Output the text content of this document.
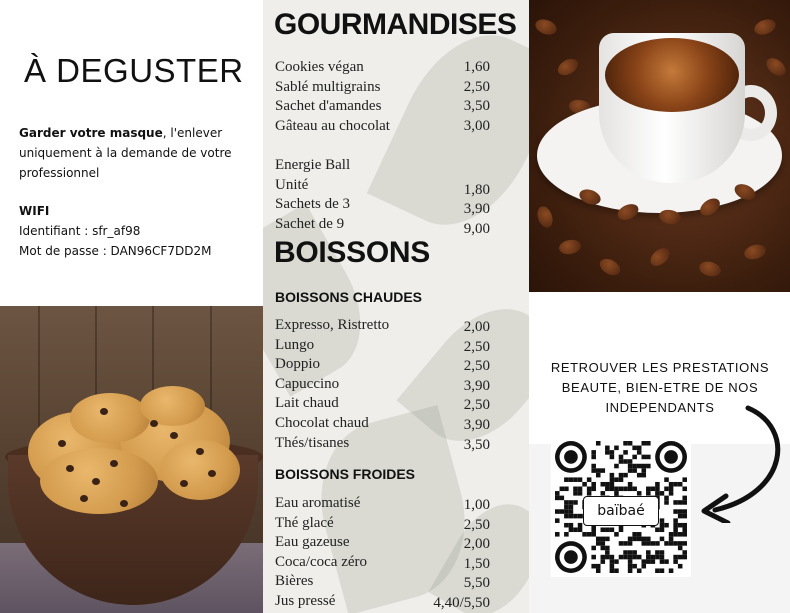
À DEGUSTER
Garder votre masque, l'enlever uniquement à la demande de votre professionnel
WIFI
Identifiant : sfr_af98
Mot de passe : DAN96CF7DD2M
GOURMANDISES
Cookies végan	1,60
Sablé multigrains	2,50
Sachet d'amandes	3,50
Gâteau au chocolat	3,00
Energie Ball
Unité	1,80
Sachets de 3	3,90
Sachet de 9	9,00
BOISSONS
BOISSONS CHAUDES
Expresso, Ristretto	2,00
Lungo	2,50
Doppio	2,50
Capuccino	3,90
Lait chaud	2,50
Chocolat chaud	3,90
Thés/tisanes	3,50
BOISSONS FROIDES
Eau aromatisé	1,00
Thé glacé	2,50
Eau gazeuse	2,00
Coca/coca zéro	1,50
Bières	5,50
Jus pressé	4,40/5,50
RETROUVER LES PRESTATIONS BEAUTE, BIEN-ETRE DE NOS INDEPENDANTS
baïbaé
